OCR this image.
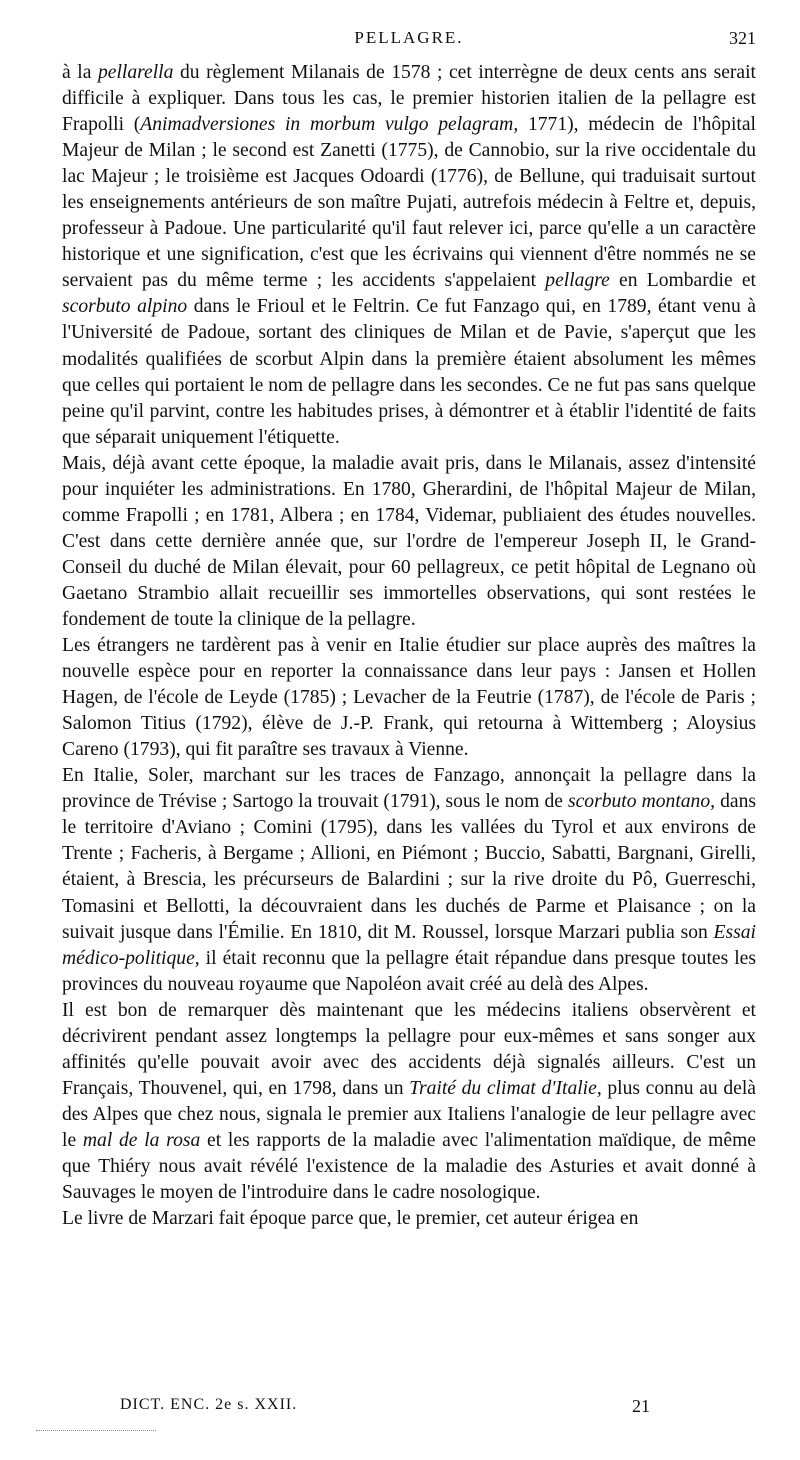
PELLAGRE.	321

à la pellarella du règlement Milanais de 1578 ; cet interrègne de deux cents ans serait difficile à expliquer. Dans tous les cas, le premier historien italien de la pellagre est Frapolli (Animadversiones in morbum vulgo pelagram, 1771), médecin de l'hôpital Majeur de Milan ; le second est Zanetti (1775), de Cannobio, sur la rive occidentale du lac Majeur ; le troisième est Jacques Odoardi (1776), de Bellune, qui traduisait surtout les enseignements antérieurs de son maître Pujati, autrefois médecin à Feltre et, depuis, professeur à Padoue. Une particularité qu'il faut relever ici, parce qu'elle a un caractère historique et une signification, c'est que les écrivains qui viennent d'être nommés ne se servaient pas du même terme ; les accidents s'appelaient pellagre en Lombardie et scorbuto alpino dans le Frioul et le Feltrin. Ce fut Fanzago qui, en 1789, étant venu à l'Université de Padoue, sortant des cliniques de Milan et de Pavie, s'aperçut que les modalités qualifiées de scorbut Alpin dans la première étaient absolument les mêmes que celles qui portaient le nom de pellagre dans les secondes. Ce ne fut pas sans quelque peine qu'il parvint, contre les habitudes prises, à démontrer et à établir l'identité de faits que séparait uniquement l'étiquette.

Mais, déjà avant cette époque, la maladie avait pris, dans le Milanais, assez d'intensité pour inquiéter les administrations. En 1780, Gherardini, de l'hôpital Majeur de Milan, comme Frapolli ; en 1781, Albera ; en 1784, Videmar, publiaient des études nouvelles. C'est dans cette dernière année que, sur l'ordre de l'empereur Joseph II, le Grand-Conseil du duché de Milan élevait, pour 60 pellagreux, ce petit hôpital de Legnano où Gaetano Strambio allait recueillir ses immortelles observations, qui sont restées le fondement de toute la clinique de la pellagre.

Les étrangers ne tardèrent pas à venir en Italie étudier sur place auprès des maîtres la nouvelle espèce pour en reporter la connaissance dans leur pays : Jansen et Hollen Hagen, de l'école de Leyde (1785) ; Levacher de la Feutrie (1787), de l'école de Paris ; Salomon Titius (1792), élève de J.-P. Frank, qui retourna à Wittemberg ; Aloysius Careno (1793), qui fit paraître ses travaux à Vienne.

En Italie, Soler, marchant sur les traces de Fanzago, annonçait la pellagre dans la province de Trévise ; Sartogo la trouvait (1791), sous le nom de scorbuto montano, dans le territoire d'Aviano ; Comini (1795), dans les vallées du Tyrol et aux environs de Trente ; Facheris, à Bergame ; Allioni, en Piémont ; Buccio, Sabatti, Bargnani, Girelli, étaient, à Brescia, les précurseurs de Balardini ; sur la rive droite du Pô, Guerreschi, Tomasini et Bellotti, la découvraient dans les duchés de Parme et Plaisance ; on la suivait jusque dans l'Émilie. En 1810, dit M. Roussel, lorsque Marzari publia son Essai médico-politique, il était reconnu que la pellagre était répandue dans presque toutes les provinces du nouveau royaume que Napoléon avait créé au delà des Alpes.

Il est bon de remarquer dès maintenant que les médecins italiens observèrent et décrivirent pendant assez longtemps la pellagre pour eux-mêmes et sans songer aux affinités qu'elle pouvait avoir avec des accidents déjà signalés ailleurs. C'est un Français, Thouvenel, qui, en 1798, dans un Traité du climat d'Italie, plus connu au delà des Alpes que chez nous, signala le premier aux Italiens l'analogie de leur pellagre avec le mal de la rosa et les rapports de la maladie avec l'alimentation maïdique, de même que Thiéry nous avait révélé l'existence de la maladie des Asturies et avait donné à Sauvages le moyen de l'introduire dans le cadre nosologique.

Le livre de Marzari fait époque parce que, le premier, cet auteur érigea en

DICT. ENC. 2e s. XXII.	21
